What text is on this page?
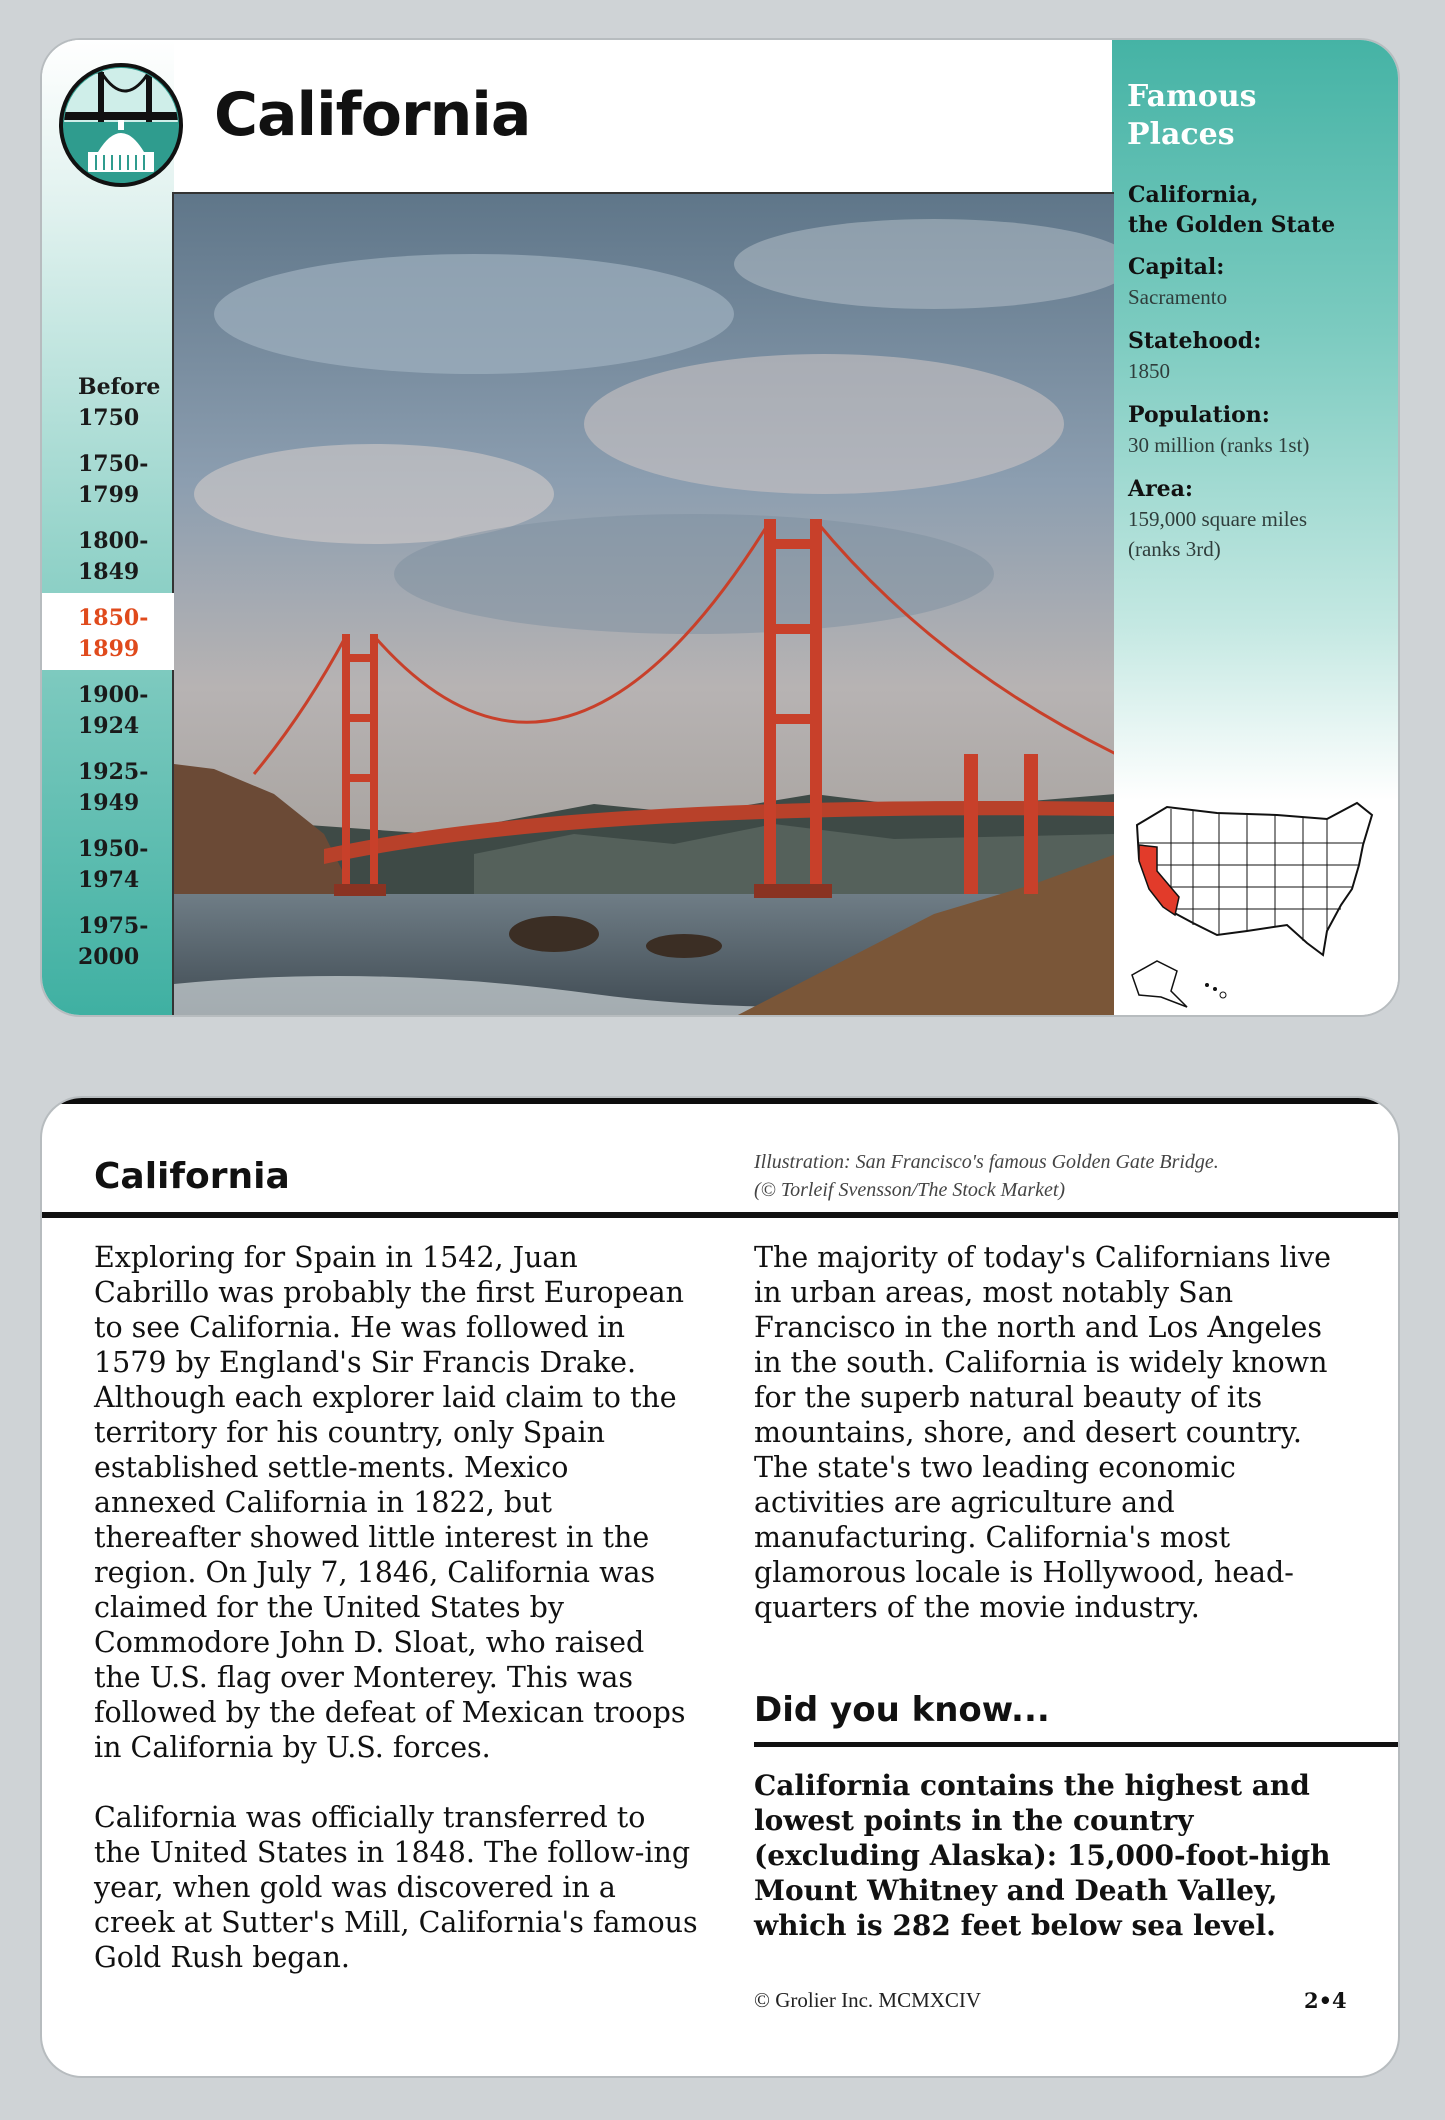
California
Before
1750
1750-
1799
1800-
1849
1850-
1899
1900-
1924
1925-
1949
1950-
1974
1975-
2000
Famous
Places
California,
the Golden State
Capital:
Sacramento
Statehood:
1850
Population:
30 million (ranks 1st)
Area:
159,000 square miles
(ranks 3rd)
California	Illustration: San Francisco's famous Golden Gate Bridge.
(© Torleif Svensson/The Stock Market)

Exploring for Spain in 1542, Juan Cabrillo was probably the first European to see California. He was followed in 1579 by England's Sir Francis Drake. Although each explorer laid claim to the territory for his country, only Spain established settle-ments. Mexico annexed California in 1822, but thereafter showed little interest in the region. On July 7, 1846, California was claimed for the United States by Commodore John D. Sloat, who raised the U.S. flag over Monterey. This was followed by the defeat of Mexican troops in California by U.S. forces.

California was officially transferred to the United States in 1848. The follow-ing year, when gold was discovered in a creek at Sutter's Mill, California's famous Gold Rush began.

The majority of today's Californians live in urban areas, most notably San Francisco in the north and Los Angeles in the south. California is widely known for the superb natural beauty of its mountains, shore, and desert country. The state's two leading economic activities are agriculture and manufacturing. California's most glamorous locale is Hollywood, head-quarters of the movie industry.

Did you know...
California contains the highest and lowest points in the country (excluding Alaska): 15,000-foot-high Mount Whitney and Death Valley, which is 282 feet below sea level.
© Grolier Inc. MCMXCIV	2•4
